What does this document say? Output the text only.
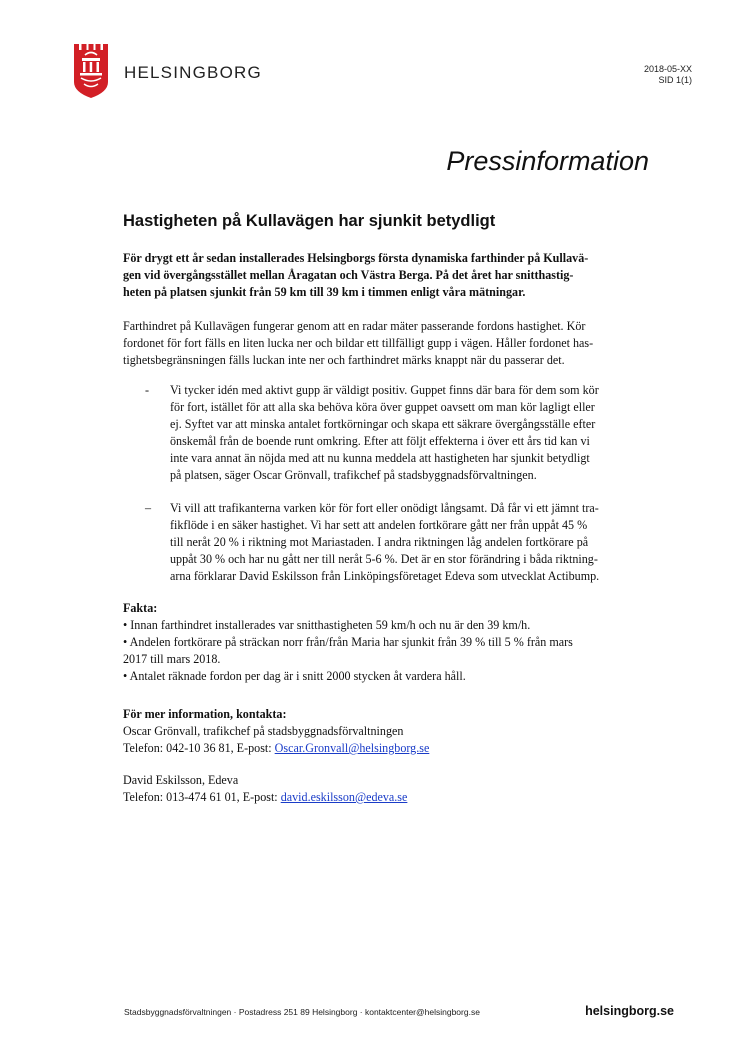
HELSINGBORG	2018-05-XX
SID 1(1)
Pressinformation
Hastigheten på Kullavägen har sjunkit betydligt
För drygt ett år sedan installerades Helsingborgs första dynamiska farthinder på Kullavä-
gen vid övergångsstället mellan Åragatan och Västra Berga. På det året har snitthastig-
heten på platsen sjunkit från 59 km till 39 km i timmen enligt våra mätningar.
Farthindret på Kullavägen fungerar genom att en radar mäter passerande fordons hastighet. Kör
fordonet för fort fälls en liten lucka ner och bildar ett tillfälligt gupp i vägen. Håller fordonet has-
tighetsbegränsningen fälls luckan inte ner och farthindret märks knappt när du passerar det.
- Vi tycker idén med aktivt gupp är väldigt positiv. Guppet finns där bara för dem som kör
för fort, istället för att alla ska behöva köra över guppet oavsett om man kör lagligt eller
ej. Syftet var att minska antalet fortkörningar och skapa ett säkrare övergångsställe efter
önskemål från de boende runt omkring. Efter att följt effekterna i över ett års tid kan vi
inte vara annat än nöjda med att nu kunna meddela att hastigheten har sjunkit betydligt
på platsen, säger Oscar Grönvall, trafikchef på stadsbyggnadsförvaltningen.
– Vi vill att trafikanterna varken kör för fort eller onödigt långsamt. Då får vi ett jämnt tra-
fikflöde i en säker hastighet. Vi har sett att andelen fortkörare gått ner från uppåt 45 %
till neråt 20 % i riktning mot Mariastaden. I andra riktningen låg andelen fortkörare på
uppåt 30 % och har nu gått ner till neråt 5-6 %. Det är en stor förändring i båda riktning-
arna förklarar David Eskilsson från Linköpingsföretaget Edeva som utvecklat Actibump.
Fakta:
• Innan farthindret installerades var snitthastigheten 59 km/h och nu är den 39 km/h.
• Andelen fortkörare på sträckan norr från/från Maria har sjunkit från 39 % till 5 % från mars
2017 till mars 2018.
• Antalet räknade fordon per dag är i snitt 2000 stycken åt vardera håll.
För mer information, kontakta:
Oscar Grönvall, trafikchef på stadsbyggnadsförvaltningen
Telefon: 042-10 36 81, E-post: Oscar.Gronvall@helsingborg.se
David Eskilsson, Edeva
Telefon: 013-474 61 01, E-post: david.eskilsson@edeva.se
Stadsbyggnadsförvaltningen · Postadress 251 89 Helsingborg · kontaktcenter@helsingborg.se	helsingborg.se
